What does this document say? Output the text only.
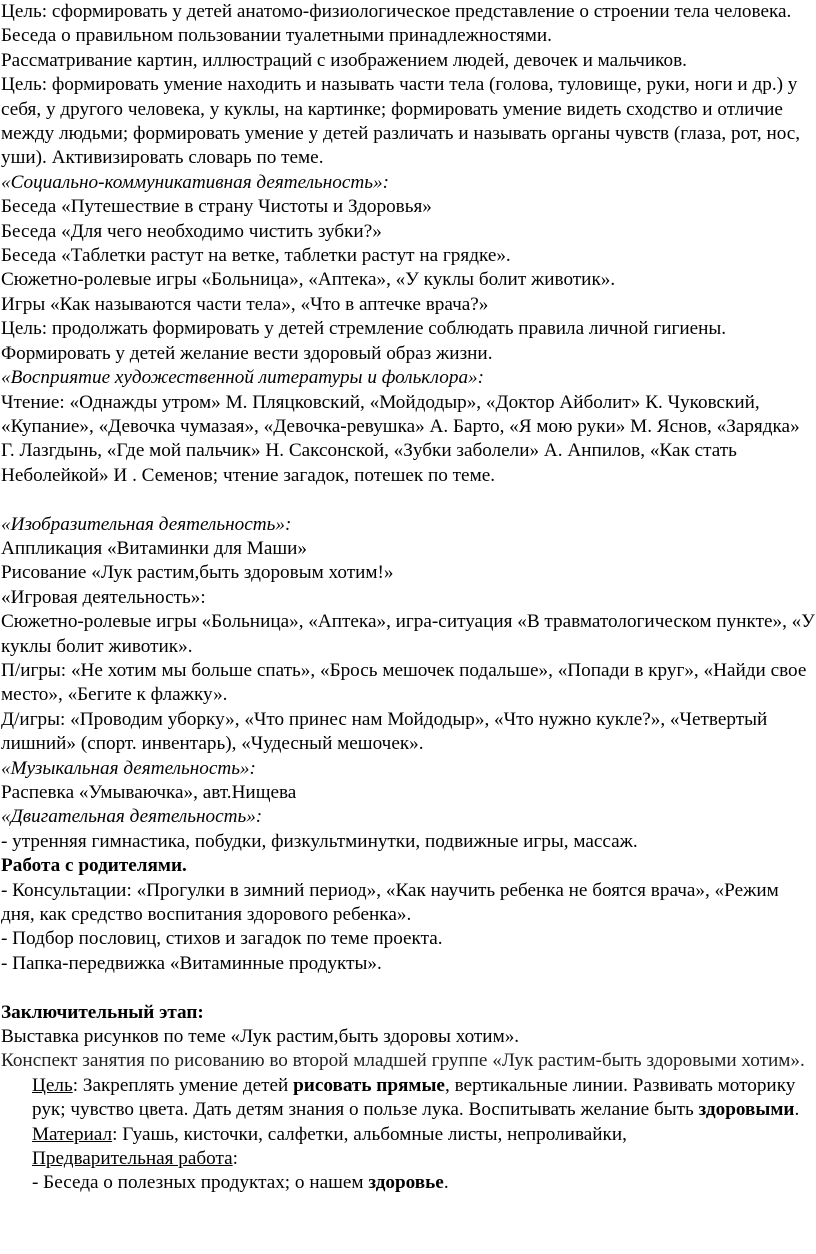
Цель: сформировать у детей анатомо-физиологическое представление о строении тела человека.

Беседа о правильном пользовании туалетными принадлежностями.

Рассматривание картин, иллюстраций с изображением людей, девочек и мальчиков.

Цель: формировать умение находить и называть части тела (голова, туловище, руки, ноги и др.) у себя, у другого человека, у куклы, на картинке; формировать умение видеть сходство и отличие между людьми; формировать умение у детей различать и называть органы чувств (глаза, рот, нос, уши). Активизировать словарь по теме.

«Социально-коммуникативная деятельность»:

Беседа «Путешествие в страну Чистоты и Здоровья»

Беседа «Для чего необходимо чистить зубки?»

Беседа «Таблетки растут на ветке, таблетки растут на грядке».

Сюжетно-ролевые игры «Больница», «Аптека», «У куклы болит животик».

Игры «Как называются части тела», «Что в аптечке врача?»

Цель: продолжать формировать у детей стремление соблюдать правила личной гигиены.

Формировать у детей желание вести здоровый образ жизни.

«Восприятие художественной литературы и фольклора»:

Чтение: «Однажды утром» М. Пляцковский, «Мойдодыр», «Доктор Айболит» К. Чуковский, «Купание», «Девочка чумазая», «Девочка-ревушка» А. Барто, «Я мою руки» М. Яснов, «Зарядка» Г. Лазгдынь, «Где мой пальчик» Н. Саксонской, «Зубки заболели» А. Анпилов, «Как стать Неболейкой» И . Семенов; чтение загадок, потешек по теме.

«Изобразительная деятельность»:

Аппликация «Витаминки для Маши»

Рисование «Лук растим,быть здоровым хотим!»

«Игровая деятельность»:

Сюжетно-ролевые игры «Больница», «Аптека», игра-ситуация «В травматологическом пункте», «У куклы болит животик».

П/игры: «Не хотим мы больше спать», «Брось мешочек подальше», «Попади в круг», «Найди свое место», «Бегите к флажку».

Д/игры: «Проводим уборку», «Что принес нам Мойдодыр», «Что нужно кукле?», «Четвертый лишний» (спорт. инвентарь), «Чудесный мешочек».

«Музыкальная деятельность»:

Распевка «Умываючка», авт.Нищева

«Двигательная деятельность»:

- утренняя гимнастика, побудки, физкультминутки, подвижные игры, массаж.

Работа с родителями.

- Консультации: «Прогулки в зимний период», «Как научить ребенка не боятся врача», «Режим дня, как средство воспитания здорового ребенка».

- Подбор пословиц, стихов и загадок по теме проекта.

- Папка-передвижка «Витаминные продукты».

Заключительный этап:

Выставка рисунков по теме «Лук растим,быть здоровы хотим».

Конспект занятия по рисованию во второй младшей группе «Лук растим-быть здоровыми хотим».

Цель: Закреплять умение детей рисовать прямые, вертикальные линии. Развивать моторику рук; чувство цвета. Дать детям знания о пользе лука. Воспитывать желание быть здоровыми.

Материал: Гуашь, кисточки, салфетки, альбомные листы, непроливайки,

Предварительная работа:

- Беседа о полезных продуктах; о нашем здоровье.
